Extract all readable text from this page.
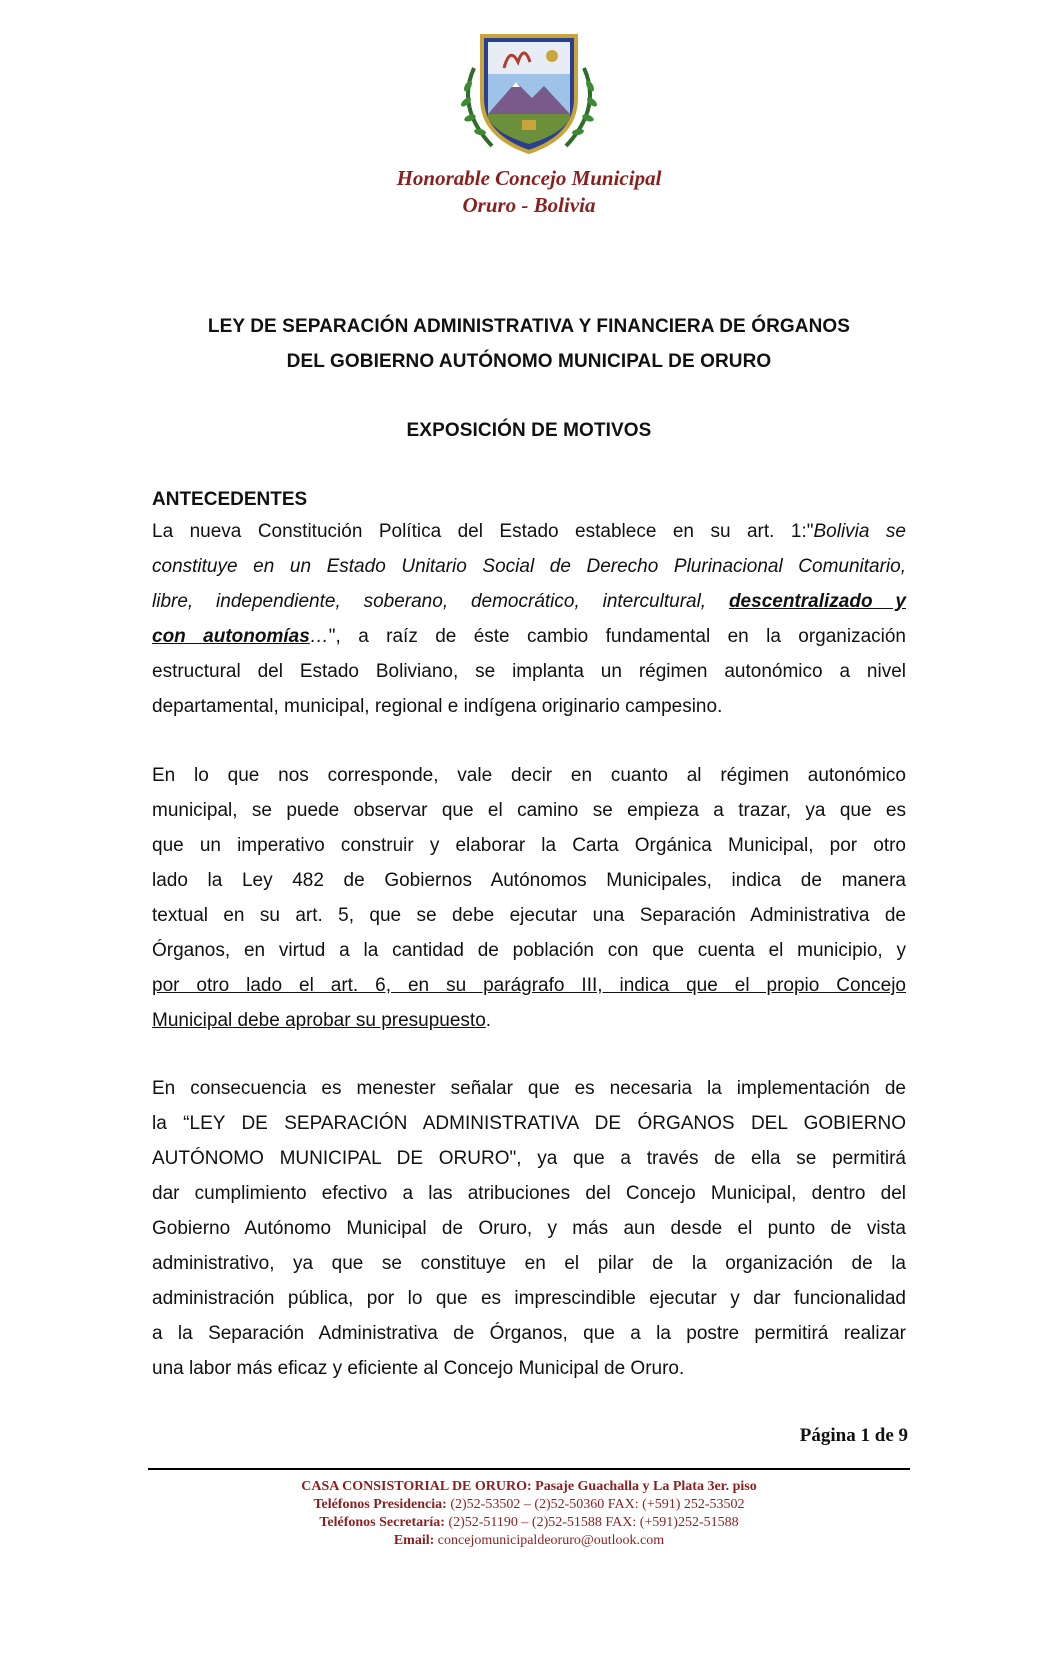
Honorable Concejo Municipal
Oruro - Bolivia
LEY DE SEPARACIÓN ADMINISTRATIVA Y FINANCIERA DE ÓRGANOS
DEL GOBIERNO AUTÓNOMO MUNICIPAL DE ORURO
EXPOSICIÓN DE MOTIVOS
ANTECEDENTES
La nueva Constitución Política del Estado establece en su art. 1:"Bolivia se
constituye en un Estado Unitario Social de Derecho Plurinacional Comunitario,
libre, independiente, soberano, democrático, intercultural, descentralizado y
con autonomías…", a raíz de éste cambio fundamental en la organización
estructural del Estado Boliviano, se implanta un régimen autonómico a nivel
departamental, municipal, regional e indígena originario campesino.
En lo que nos corresponde, vale decir en cuanto al régimen autonómico
municipal, se puede observar que el camino se empieza a trazar, ya que es
que un imperativo construir y elaborar la Carta Orgánica Municipal, por otro
lado la Ley 482 de Gobiernos Autónomos Municipales, indica de manera
textual en su art. 5, que se debe ejecutar una Separación Administrativa de
Órganos, en virtud a la cantidad de población con que cuenta el municipio, y
por otro lado el art. 6, en su parágrafo III, indica que el propio Concejo
Municipal debe aprobar su presupuesto.
En consecuencia es menester señalar que es necesaria la implementación de
la “LEY DE SEPARACIÓN ADMINISTRATIVA DE ÓRGANOS DEL GOBIERNO
AUTÓNOMO MUNICIPAL DE ORURO", ya que a través de ella se permitirá
dar cumplimiento efectivo a las atribuciones del Concejo Municipal, dentro del
Gobierno Autónomo Municipal de Oruro, y más aun desde el punto de vista
administrativo, ya que se constituye en el pilar de la organización de la
administración pública, por lo que es imprescindible ejecutar y dar funcionalidad
a la Separación Administrativa de Órganos, que a la postre permitirá realizar
una labor más eficaz y eficiente al Concejo Municipal de Oruro.
Página 1 de 9
CASA CONSISTORIAL DE ORURO: Pasaje Guachalla y La Plata 3er. piso
Teléfonos Presidencia: (2)52-53502 – (2)52-50360 FAX: (+591) 252-53502
Teléfonos Secretaría: (2)52-51190 – (2)52-51588 FAX: (+591)252-51588
Email: concejomunicipaldeoruro@outlook.com
